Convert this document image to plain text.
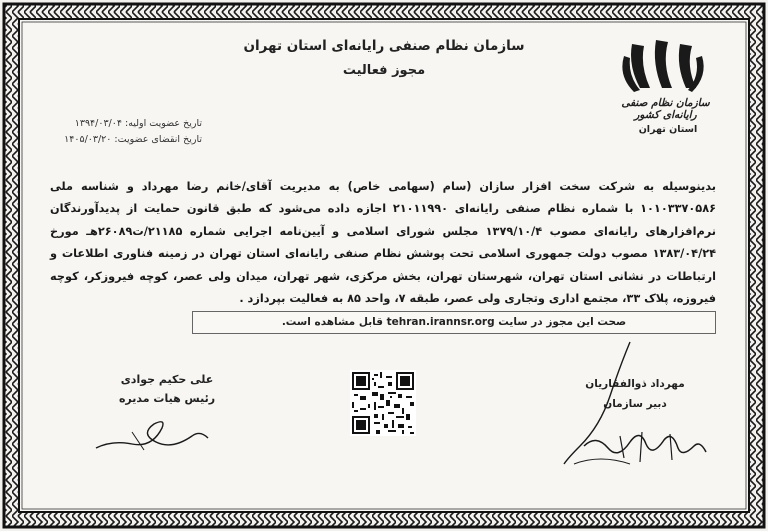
سازمان نظام صنفی رایانه‌ای استان تهران
مجوز فعالیت
سازمان نظام صنفی رایانه‌ای کشور
استان تهران
تاریخ عضویت اولیه: ۱۳۹۴/۰۳/۰۴
تاریخ انقضای عضویت: ۱۴۰۵/۰۳/۲۰
بدینوسیله به شرکت سخت افزار سازان (سام (سهامی خاص) به مدیریت آقای/خانم رضا مهرداد و شناسه ملی ۱۰۱۰۳۳۷۰۵۸۶ با شماره نظام صنفی رایانه‌ای ۲۱۰۱۱۹۹۰ اجازه داده می‌شود که طبق قانون حمایت از پدیدآورندگان نرم‌افزارهای رایانه‌ای مصوب ۱۳۷۹/۱۰/۴ مجلس شورای اسلامی و آیین‌نامه اجرایی شماره ۲۱۱۸۵/ت۲۶۰۸۹هـ مورخ ۱۳۸۳/۰۴/۲۴ مصوب دولت جمهوری اسلامی تحت پوشش نظام صنفی رایانه‌ای استان تهران در زمینه فناوری اطلاعات و ارتباطات در نشانی استان تهران، شهرستان تهران، بخش مرکزی، شهر تهران، میدان ولی عصر، کوچه فیروزکر، کوچه فیروزه، پلاک ۳۳، مجتمع اداری وتجاری ولی عصر، طبقه ۷، واحد ۸۵ به فعالیت بپردازد .
صحت این مجوز در سایت tehran.irannsr.org قابل مشاهده است.
علی حکیم جوادی
رئیس هیات مدیره
مهرداد ذوالفقاریان
دبیر سازمان
